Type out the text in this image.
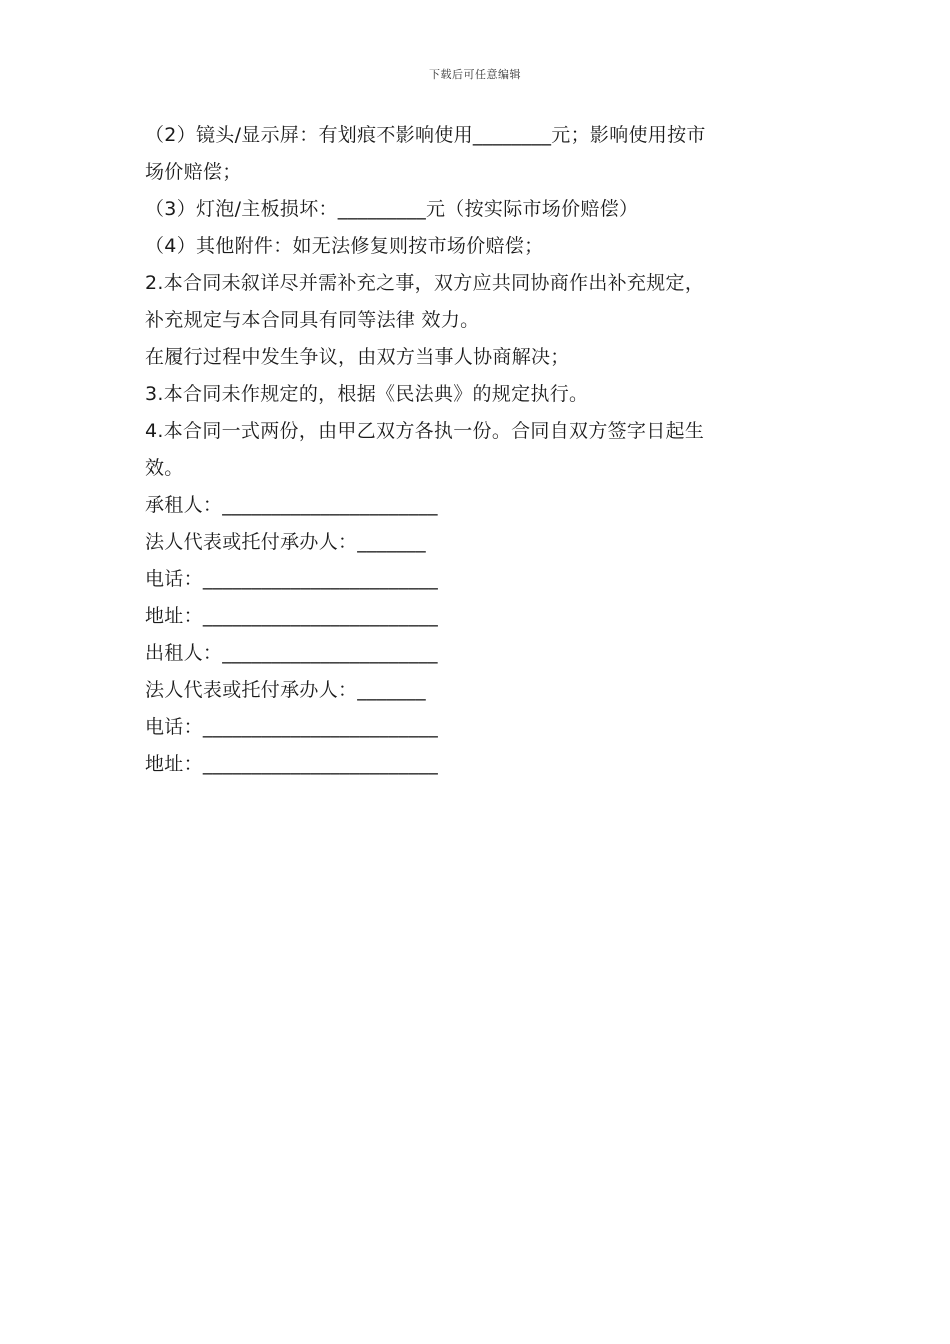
下载后可任意编辑
（2）镜头/显示屏：有划痕不影响使用________元；影响使用按市
场价赔偿；
（3）灯泡/主板损坏：_________元（按实际市场价赔偿）
（4）其他附件：如无法修复则按市场价赔偿；
2.本合同未叙详尽并需补充之事，双方应共同协商作出补充规定，
补充规定与本合同具有同等法律 效力。
在履行过程中发生争议，由双方当事人协商解决；
3.本合同未作规定的，根据《民法典》的规定执行。
4.本合同一式两份，由甲乙双方各执一份。合同自双方签字日起生
效。
承租人：______________________
法人代表或托付承办人：_______
电话：________________________
地址：________________________
出租人：______________________
法人代表或托付承办人：_______
电话：________________________
地址：________________________
